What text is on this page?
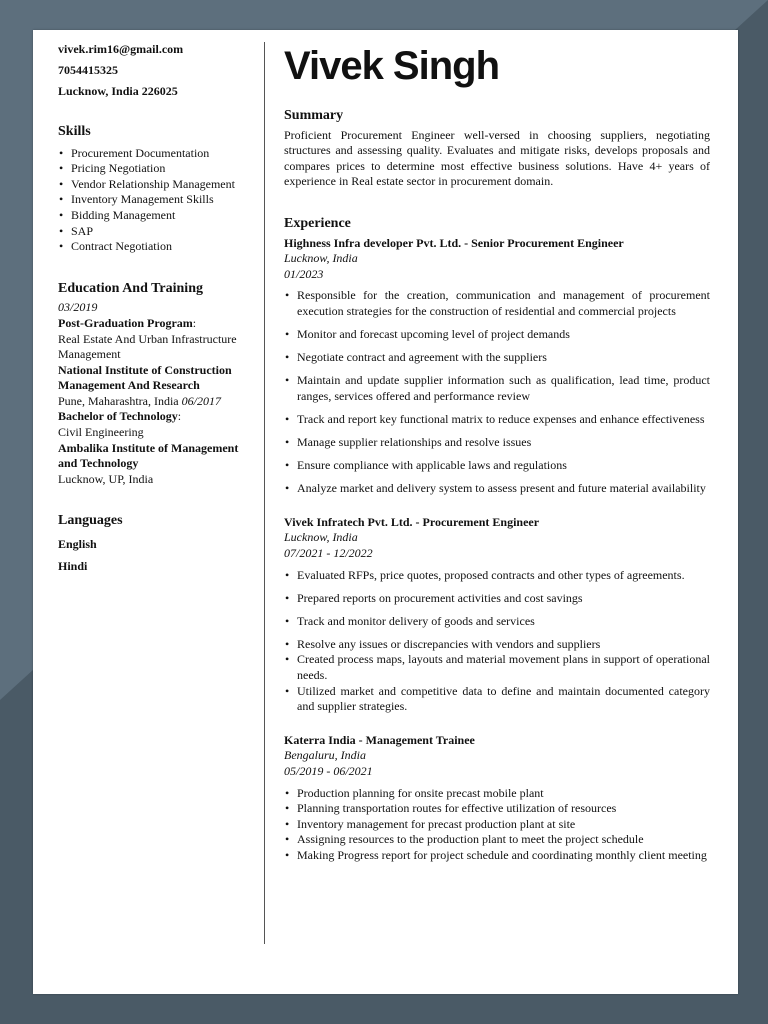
vivek.rim16@gmail.com
7054415325
Lucknow, India 226025
Skills
• Procurement Documentation
• Pricing Negotiation
• Vendor Relationship Management
• Inventory Management Skills
• Bidding Management
• SAP
• Contract Negotiation
Education And Training
03/2019
Post-Graduation Program:
Real Estate And Urban Infrastructure Management
National Institute of Construction Management And Research
Pune, Maharashtra, India 06/2017
Bachelor of Technology:
Civil Engineering
Ambalika Institute of Management and Technology
Lucknow, UP, India
Languages
English
Hindi
Vivek Singh
Summary

Proficient Procurement Engineer well-versed in choosing suppliers, negotiating structures and assessing quality. Evaluates and mitigate risks, develops proposals and compares prices to determine most effective business solutions. Have 4+ years of experience in Real estate sector in procurement domain.

Experience
Highness Infra developer Pvt. Ltd. - Senior Procurement Engineer
Lucknow, India
01/2023
• Responsible for the creation, communication and management of procurement execution strategies for the construction of residential and commercial projects
• Monitor and forecast upcoming level of project demands
• Negotiate contract and agreement with the suppliers
• Maintain and update supplier information such as qualification, lead time, product ranges, services offered and performance review
• Track and report key functional matrix to reduce expenses and enhance effectiveness
• Manage supplier relationships and resolve issues
• Ensure compliance with applicable laws and regulations
• Analyze market and delivery system to assess present and future material availability
Vivek Infratech Pvt. Ltd. - Procurement Engineer
Lucknow, India
07/2021 - 12/2022
• Evaluated RFPs, price quotes, proposed contracts and other types of agreements.
• Prepared reports on procurement activities and cost savings
• Track and monitor delivery of goods and services
• Resolve any issues or discrepancies with vendors and suppliers
• Created process maps, layouts and material movement plans in support of operational needs.
• Utilized market and competitive data to define and maintain documented category and supplier strategies.
Katerra India - Management Trainee
Bengaluru, India
05/2019 - 06/2021
• Production planning for onsite precast mobile plant
• Planning transportation routes for effective utilization of resources
• Inventory management for precast production plant at site
• Assigning resources to the production plant to meet the project schedule
• Making Progress report for project schedule and coordinating monthly client meeting
